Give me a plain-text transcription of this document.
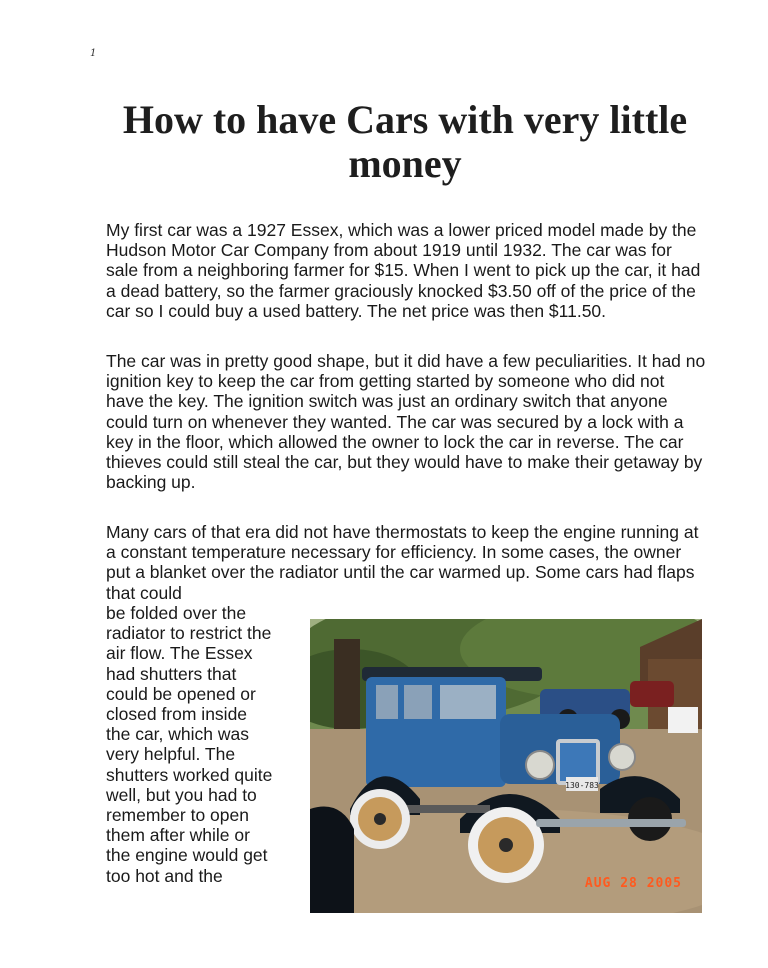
1
How to have Cars with very little money

My first car was a 1927 Essex, which was a lower priced model made by the Hudson Motor Car Company from about 1919 until 1932. The car was for sale from a neighboring farmer for $15. When I went to pick up the car, it had a dead battery, so the farmer graciously knocked $3.50 off of the price of the car so I could buy a used battery. The net price was then $11.50.

The car was in pretty good shape, but it did have a few peculiarities. It had no ignition key to keep the car from getting started by someone who did not have the key. The ignition switch was just an ordinary switch that anyone could turn on whenever they wanted. The car was secured by a lock with a key in the floor, which allowed the owner to lock the car in reverse. The car thieves could still steal the car, but they would have to make their getaway by backing up.

Many cars of that era did not have thermostats to keep the engine running at a constant temperature necessary for efficiency. In some cases, the owner put a blanket over the radiator until the car warmed up. Some cars had flaps that could

be folded over the
radiator to restrict the
air flow. The Essex
had shutters that
could be opened or
closed from inside
the car, which was
very helpful. The
shutters worked quite
well, but you had to
remember to open
them after while or
the engine would get
too hot and the
130-783
AUG 28 2005
